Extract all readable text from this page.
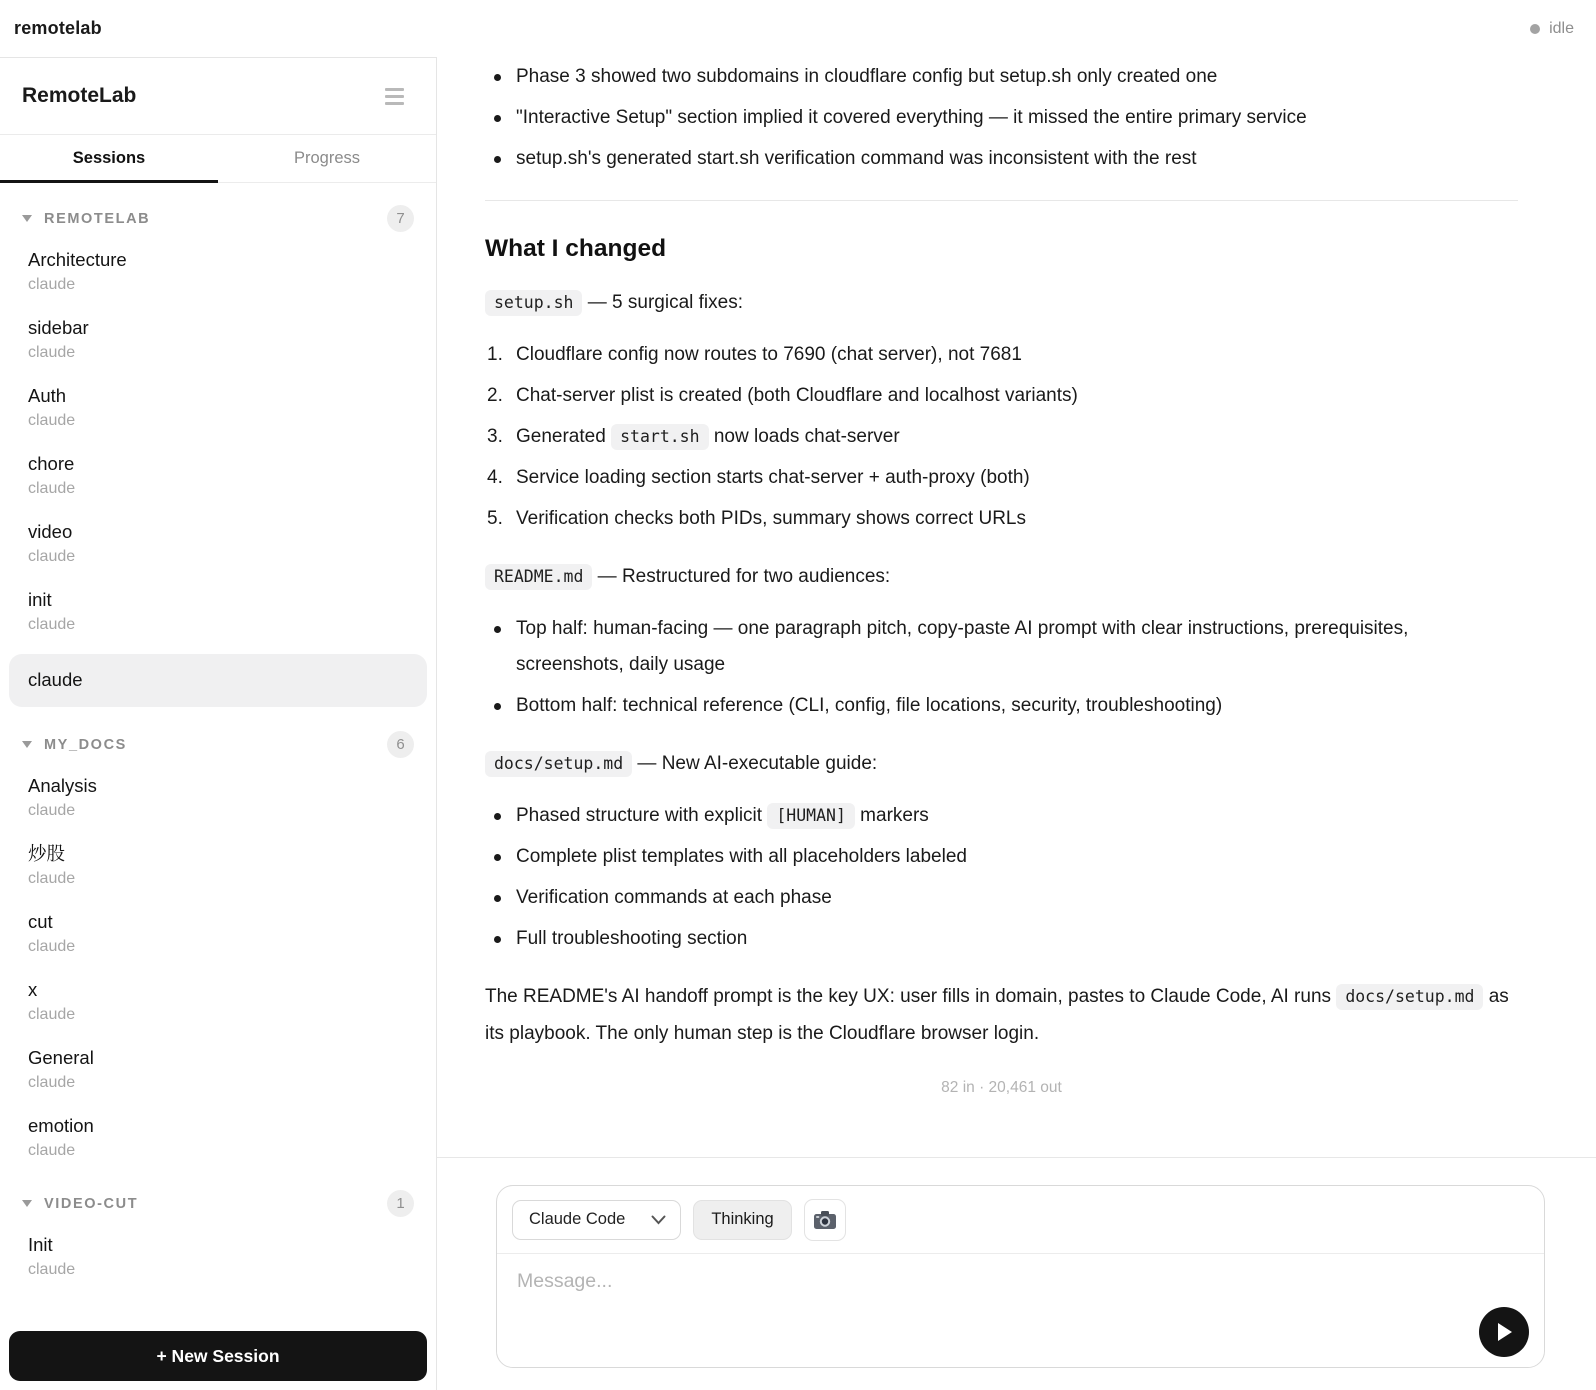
remotelab	idle
RemoteLab
Sessions	Progress
REMOTELAB	7
Architecture
claude
sidebar
claude
Auth
claude
chore
claude
video
claude
init
claude
claude
MY_DOCS	6
Analysis
claude
炒股
claude
cut
claude
x
claude
General
claude
emotion
claude
VIDEO-CUT	1
Init
claude
+ New Session
Phase 3 showed two subdomains in cloudflare config but setup.sh only created one
"Interactive Setup" section implied it covered everything — it missed the entire primary service
setup.sh's generated start.sh verification command was inconsistent with the rest
What I changed

setup.sh — 5 surgical fixes:

Cloudflare config now routes to 7690 (chat server), not 7681
Chat-server plist is created (both Cloudflare and localhost variants)
Generated start.sh now loads chat-server
Service loading section starts chat-server + auth-proxy (both)
Verification checks both PIDs, summary shows correct URLs

README.md — Restructured for two audiences:

Top half: human-facing — one paragraph pitch, copy-paste AI prompt with clear instructions, prerequisites, screenshots, daily usage
Bottom half: technical reference (CLI, config, file locations, security, troubleshooting)

docs/setup.md — New AI-executable guide:

Phased structure with explicit [HUMAN] markers
Complete plist templates with all placeholders labeled
Verification commands at each phase
Full troubleshooting section

The README's AI handoff prompt is the key UX: user fills in domain, pastes to Claude Code, AI runs docs/setup.md as its playbook. The only human step is the Cloudflare browser login.

82 in · 20,461 out
Claude Code	Thinking
Message...
